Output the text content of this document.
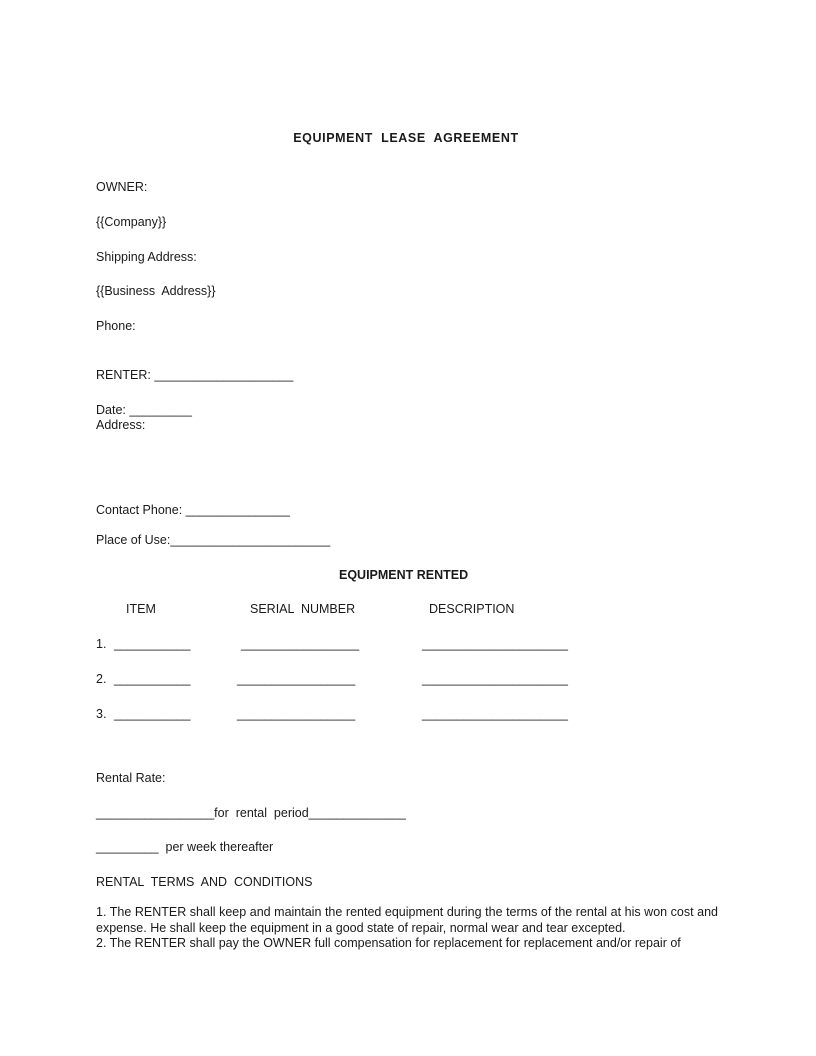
EQUIPMENT  LEASE  AGREEMENT
OWNER:
{{Company}}
Shipping Address:
{{Business  Address}}
Phone:
RENTER: ____________________
Date: _________
Address:
Contact Phone: _______________
Place of Use:_______________________
EQUIPMENT RENTED
ITEM	SERIAL  NUMBER	DESCRIPTION
1. ___________	_________________	_____________________
2. ___________	_________________	_____________________
3. ___________	_________________	_____________________
Rental Rate:
_________________for  rental  period______________
_________  per week thereafter
RENTAL  TERMS  AND  CONDITIONS
1. The RENTER shall keep and maintain the rented equipment during the terms of the rental at his won cost and expense. He shall keep the equipment in a good state of repair, normal wear and tear excepted.
2. The RENTER shall pay the OWNER full compensation for replacement for replacement and/or repair of
